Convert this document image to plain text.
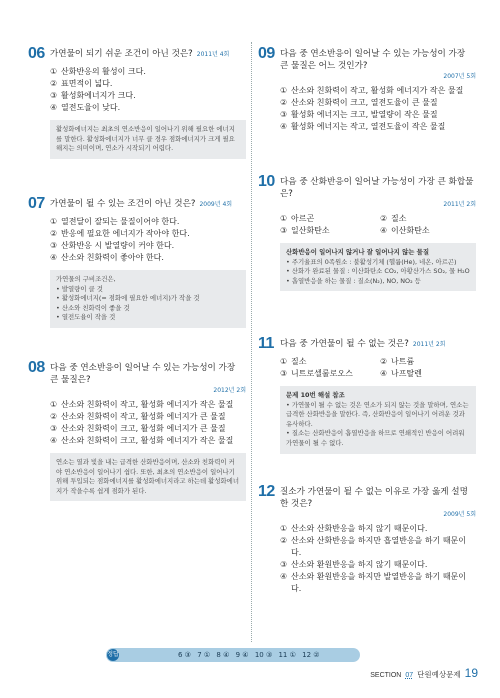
06 가연물이 되기 쉬운 조건이 아닌 것은? 2011년 4회
① 산화반응의 활성이 크다.
② 표면적이 넓다.
③ 활성화에너지가 크다.
④ 열전도율이 낮다.
활성화에너지는 최초의 연소반응이 일어나기 위해 필요한 에너지를 말한다. 활성화에너지가 너무 클 경우 점화에너지가 크게 필요해지는 의미이며, 연소가 시작되기 어렵다.
07 가연물이 될 수 있는 조건이 아닌 것은? 2009년 4회
① 열전달이 잘되는 물질이어야 한다.
② 반응에 필요한 에너지가 작아야 한다.
③ 산화반응 시 발열량이 커야 한다.
④ 산소와 친화력이 좋아야 한다.
가연물의 구비조건은,
• 발열량이 클 것
• 활성화에너지(= 점화에 필요한 에너지)가 작을 것
• 산소와 친화력이 좋을 것
• 열전도율이 작을 것
08 다음 중 연소반응이 일어날 수 있는 가능성이 가장 큰 물질은?
2012년 2회
① 산소와 친화력이 작고, 활성화 에너지가 작은 물질
② 산소와 친화력이 작고, 활성화 에너지가 큰 물질
③ 산소와 친화력이 크고, 활성화 에너지가 큰 물질
④ 산소와 친화력이 크고, 활성화 에너지가 작은 물질
연소는 열과 빛을 내는 급격한 산화반응이며, 산소와 친화력이 커야 연소반응이 일어나기 쉽다. 또한, 최초의 연소반응이 일어나기 위해 투입되는 점화에너지를 활성화에너지라고 하는데 활성화에너지가 작을수록 쉽게 점화가 된다.
09 다음 중 연소반응이 일어날 수 있는 가능성이 가장 큰 물질은 어느 것인가?
2007년 5회
① 산소와 친화력이 작고, 활성화 에너지가 작은 물질
② 산소와 친화력이 크고, 열전도율이 큰 물질
③ 활성화 에너지는 크고, 발열량이 작은 물질
④ 활성화 에너지는 작고, 열전도율이 작은 물질
10 다음 중 산화반응이 일어날 가능성이 가장 큰 화합물은?
2011년 2회
① 아르곤	② 질소
③ 일산화탄소	④ 이산화탄소
산화반응이 일어나지 않거나 잘 일어나지 않는 물질
• 주기율표의 0족원소 : 불활성기체 (헬륨(He), 네온, 아르곤)
• 산화가 완료된 물질 : 이산화탄소 CO₂, 아황산가스 SO₂, 물 H₂O
• 흡열반응을 하는 물질 : 질소(N₂), NO, NO₂ 등
11 다음 중 가연물이 될 수 없는 것은? 2011년 2회
① 질소	② 나트륨
③ 니트로셀룰로오스	④ 나프탈렌
문제 10번 해설 참조
• 가연물이 될 수 없는 것은 연소가 되지 않는 것을 말하며, 연소는 급격한 산화반응을 말한다. 즉, 산화반응이 일어나기 어려운 것과 유사하다.
• 질소는 산화반응이 흡열반응을 하므로 연쇄적인 반응이 어려워 가연물이 될 수 없다.
12 질소가 가연물이 될 수 없는 이유로 가장 옳게 설명한 것은?
2009년 5회
① 산소와 산화반응을 하지 않기 때문이다.
② 산소와 산화반응을 하지만 흡열반응을 하기 때문이다.
③ 산소와 환원반응을 하지 않기 때문이다.
④ 산소와 환원반응을 하지만 발열반응을 하기 때문이다.
정답	6 ③ 7 ① 8 ④ 9 ④ 10 ③ 11 ① 12 ②
SECTION 07 단원예상문제 19
